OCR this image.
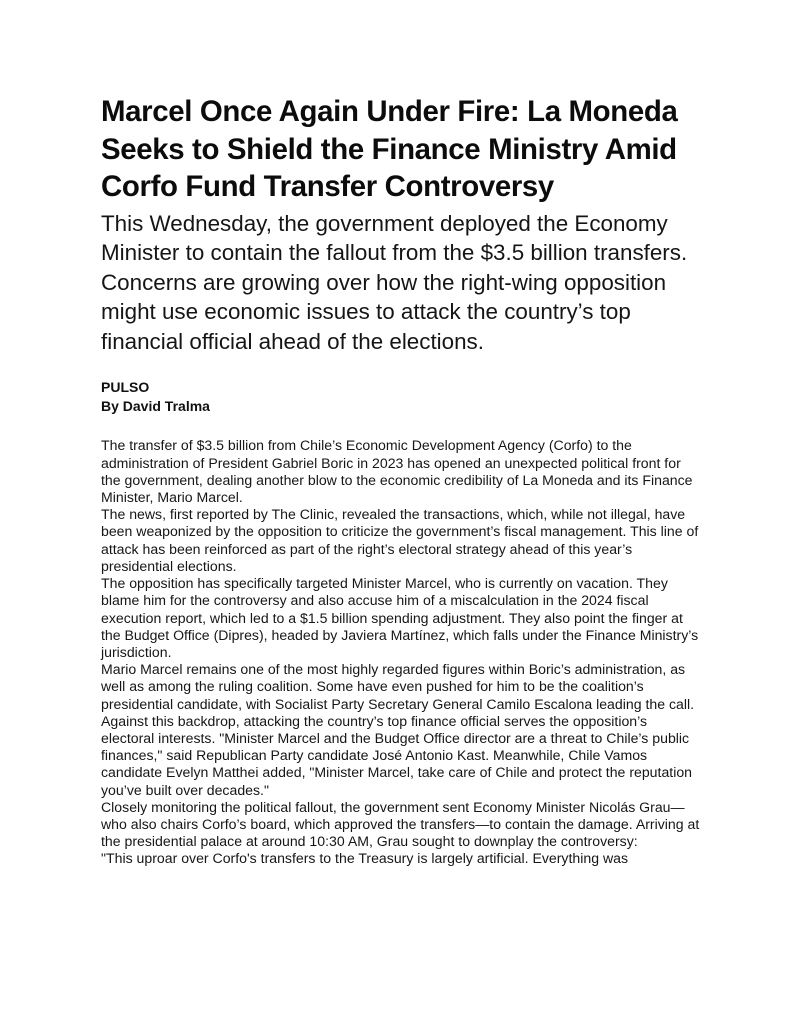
Marcel Once Again Under Fire: La Moneda Seeks to Shield the Finance Ministry Amid Corfo Fund Transfer Controversy
This Wednesday, the government deployed the Economy Minister to contain the fallout from the $3.5 billion transfers. Concerns are growing over how the right-wing opposition might use economic issues to attack the country’s top financial official ahead of the elections.
PULSO
By David Tralma

The transfer of $3.5 billion from Chile’s Economic Development Agency (Corfo) to the administration of President Gabriel Boric in 2023 has opened an unexpected political front for the government, dealing another blow to the economic credibility of La Moneda and its Finance Minister, Mario Marcel.

The news, first reported by The Clinic, revealed the transactions, which, while not illegal, have been weaponized by the opposition to criticize the government’s fiscal management. This line of attack has been reinforced as part of the right’s electoral strategy ahead of this year’s presidential elections.

The opposition has specifically targeted Minister Marcel, who is currently on vacation. They blame him for the controversy and also accuse him of a miscalculation in the 2024 fiscal execution report, which led to a $1.5 billion spending adjustment. They also point the finger at the Budget Office (Dipres), headed by Javiera Martínez, which falls under the Finance Ministry’s jurisdiction.

Mario Marcel remains one of the most highly regarded figures within Boric’s administration, as well as among the ruling coalition. Some have even pushed for him to be the coalition’s presidential candidate, with Socialist Party Secretary General Camilo Escalona leading the call.

Against this backdrop, attacking the country’s top finance official serves the opposition’s electoral interests. "Minister Marcel and the Budget Office director are a threat to Chile’s public finances," said Republican Party candidate José Antonio Kast. Meanwhile, Chile Vamos candidate Evelyn Matthei added, "Minister Marcel, take care of Chile and protect the reputation you’ve built over decades."

Closely monitoring the political fallout, the government sent Economy Minister Nicolás Grau—who also chairs Corfo’s board, which approved the transfers—to contain the damage. Arriving at the presidential palace at around 10:30 AM, Grau sought to downplay the controversy:

"This uproar over Corfo's transfers to the Treasury is largely artificial. Everything was
